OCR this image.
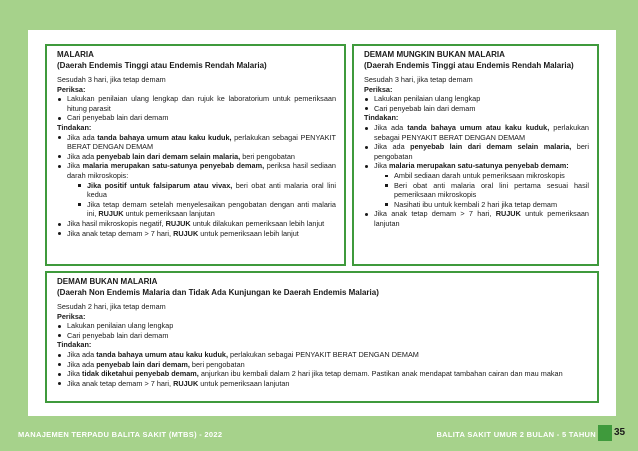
MALARIA

(Daerah Endemis Tinggi atau Endemis Rendah Malaria)

Sesudah 3 hari, jika tetap demam

Periksa:

Lakukan penilaian ulang lengkap dan rujuk ke laboratorium untuk pemeriksaan hitung parasit
Cari penyebab lain dari demam

Tindakan:

Jika ada tanda bahaya umum atau kaku kuduk, perlakukan sebagai PENYAKIT BERAT DENGAN DEMAM
Jika ada penyebab lain dari demam selain malaria, beri pengobatan
Jika malaria merupakan satu-satunya penyebab demam, periksa hasil sediaan darah mikroskopis:
Jika positif untuk falsiparum atau vivax, beri obat anti malaria oral lini kedua
Jika tetap demam setelah menyelesaikan pengobatan dengan anti malaria ini, RUJUK untuk pemeriksaan lanjutan
Jika hasil mikroskopis negatif, RUJUK untuk dilakukan pemeriksaan lebih lanjut
Jika anak tetap demam > 7 hari, RUJUK untuk pemeriksaan lebih lanjut

DEMAM MUNGKIN BUKAN MALARIA

(Daerah Endemis Tinggi atau Endemis Rendah Malaria)

Sesudah 3 hari, jika tetap demam

Periksa:

Lakukan penilaian ulang lengkap
Cari penyebab lain dari demam

Tindakan:

Jika ada tanda bahaya umum atau kaku kuduk, perlakukan sebagai PENYAKIT BERAT DENGAN DEMAM
Jika ada penyebab lain dari demam selain malaria, beri pengobatan
Jika malaria merupakan satu-satunya penyebab demam:
Ambil sediaan darah untuk pemeriksaan mikroskopis
Beri obat anti malaria oral lini pertama sesuai hasil pemeriksaan mikroskopis
Nasihati ibu untuk kembali 2 hari jika tetap demam
Jika anak tetap demam > 7 hari, RUJUK untuk pemeriksaan lanjutan

DEMAM BUKAN MALARIA

(Daerah Non Endemis Malaria dan Tidak Ada Kunjungan ke Daerah Endemis Malaria)

Sesudah 2 hari, jika tetap demam

Periksa:

Lakukan penilaian ulang lengkap
Cari penyebab lain dari demam

Tindakan:

Jika ada tanda bahaya umum atau kaku kuduk, perlakukan sebagai PENYAKIT BERAT DENGAN DEMAM
Jika ada penyebab lain dari demam, beri pengobatan
Jika tidak diketahui penyebab demam, anjurkan ibu kembali dalam 2 hari jika tetap demam. Pastikan anak mendapat tambahan cairan dan mau makan
Jika anak tetap demam > 7 hari, RUJUK untuk pemeriksaan lanjutan
MANAJEMEN TERPADU BALITA SAKIT (MTBS) - 2022	BALITA SAKIT UMUR 2 BULAN - 5 TAHUN 35
